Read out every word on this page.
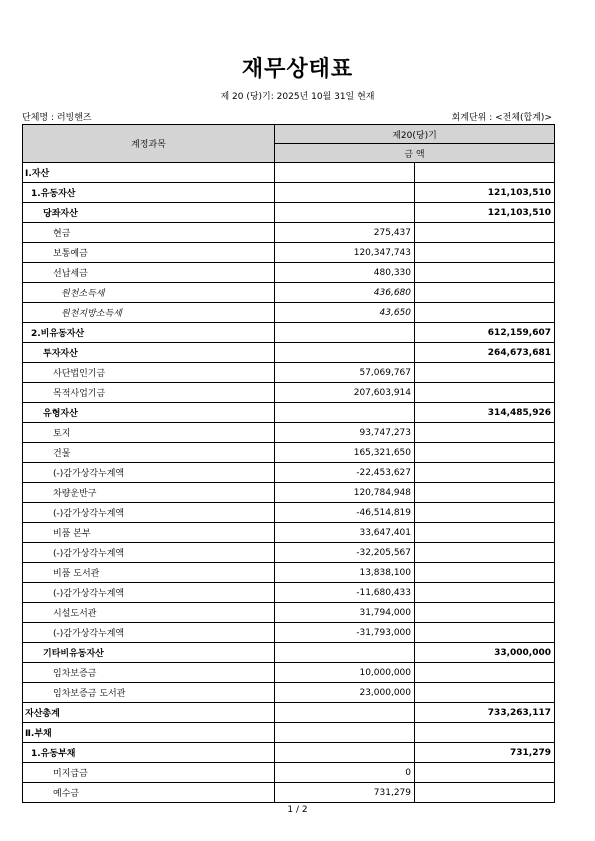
재무상태표
제 20 (당)기: 2025년 10월 31일 현재
단체명 : 러빙핸즈	회계단위 : <전체(합계)>
계정과목	제20(당)기	
	금 액	
Ⅰ.자산		
1.유동자산		121,103,510
당좌자산		121,103,510
현금	275,437	
보통예금	120,347,743	
선납세금	480,330	
원천소득세	436,680	
원천지방소득세	43,650	
2.비유동자산		612,159,607
투자자산		264,673,681
사단법인기금	57,069,767	
목적사업기금	207,603,914	
유형자산		314,485,926
토지	93,747,273	
건물	165,321,650	
(-)감가상각누계액	-22,453,627	
차량운반구	120,784,948	
(-)감가상각누계액	-46,514,819	
비품 본부	33,647,401	
(-)감가상각누계액	-32,205,567	
비품 도서관	13,838,100	
(-)감가상각누계액	-11,680,433	
시설도서관	31,794,000	
(-)감가상각누계액	-31,793,000	
기타비유동자산		33,000,000
임차보증금	10,000,000	
임차보증금 도서관	23,000,000	
자산총계		733,263,117
Ⅱ.부채		
1.유동부채		731,279
미지급금	0	
예수금	731,279	
1 / 2
